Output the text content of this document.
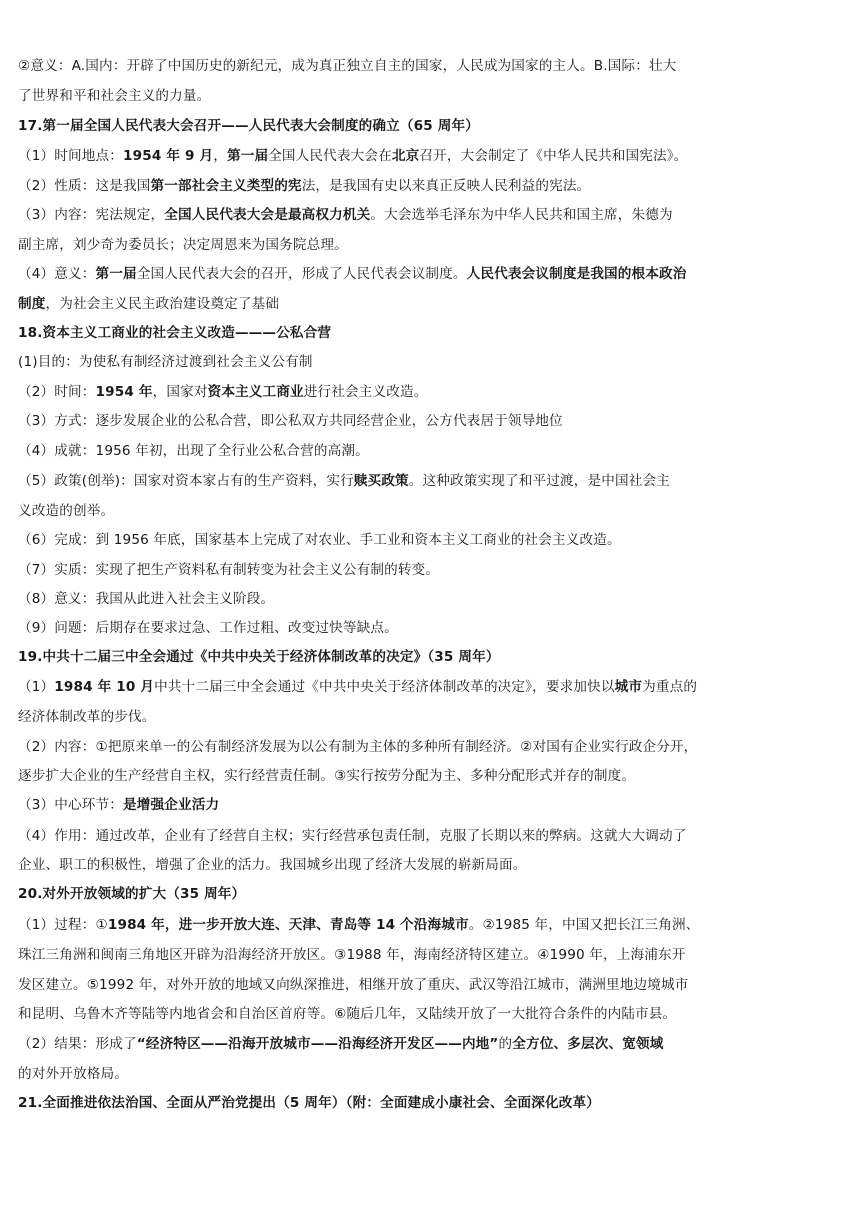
②意义：A.国内：开辟了中国历史的新纪元，成为真正独立自主的国家，人民成为国家的主人。B.国际：壮大
了世界和平和社会主义的力量。
17.第一届全国人民代表大会召开——人民代表大会制度的确立（65 周年）
（1）时间地点：1954 年 9 月，第一届全国人民代表大会在北京召开，大会制定了《中华人民共和国宪法》。
（2）性质：这是我国第一部社会主义类型的宪法，是我国有史以来真正反映人民利益的宪法。
（3）内容：宪法规定，全国人民代表大会是最高权力机关。大会选举毛泽东为中华人民共和国主席，朱德为
副主席，刘少奇为委员长；决定周恩来为国务院总理。
（4）意义：第一届全国人民代表大会的召开，形成了人民代表会议制度。人民代表会议制度是我国的根本政治
制度，为社会主义民主政治建设奠定了基础
18.资本主义工商业的社会主义改造———公私合营
(1)目的：为使私有制经济过渡到社会主义公有制
（2）时间：1954 年，国家对资本主义工商业进行社会主义改造。
（3）方式：逐步发展企业的公私合营，即公私双方共同经营企业，公方代表居于领导地位
（4）成就：1956 年初，出现了全行业公私合营的高潮。
（5）政策(创举)：国家对资本家占有的生产资料，实行赎买政策。这种政策实现了和平过渡，是中国社会主
义改造的创举。
（6）完成：到 1956 年底，国家基本上完成了对农业、手工业和资本主义工商业的社会主义改造。
（7）实质：实现了把生产资料私有制转变为社会主义公有制的转变。
（8）意义：我国从此进入社会主义阶段。
（9）问题：后期存在要求过急、工作过粗、改变过快等缺点。
19.中共十二届三中全会通过《中共中央关于经济体制改革的决定》（35 周年）
（1）1984 年 10 月中共十二届三中全会通过《中共中央关于经济体制改革的决定》，要求加快以城市为重点的
经济体制改革的步伐。
（2）内容：①把原来单一的公有制经济发展为以公有制为主体的多种所有制经济。②对国有企业实行政企分开，
逐步扩大企业的生产经营自主权，实行经营责任制。③实行按劳分配为主、多种分配形式并存的制度。
（3）中心环节：是增强企业活力
（4）作用：通过改革，企业有了经营自主权；实行经营承包责任制，克服了长期以来的弊病。这就大大调动了
企业、职工的积极性，增强了企业的活力。我国城乡出现了经济大发展的崭新局面。
20.对外开放领域的扩大（35 周年）
（1）过程：①1984 年，进一步开放大连、天津、青岛等 14 个沿海城市。②1985 年，中国又把长江三角洲、
珠江三角洲和闽南三角地区开辟为沿海经济开放区。③1988 年，海南经济特区建立。④1990 年，上海浦东开
发区建立。⑤1992 年，对外开放的地域又向纵深推进，相继开放了重庆、武汉等沿江城市，满洲里地边境城市
和昆明、乌鲁木齐等陆等内地省会和自治区首府等。⑥随后几年，又陆续开放了一大批符合条件的内陆市县。
（2）结果：形成了“经济特区——沿海开放城市——沿海经济开发区——内地”的全方位、多层次、宽领域
的对外开放格局。
21.全面推进依法治国、全面从严治党提出（5 周年）（附：全面建成小康社会、全面深化改革）
